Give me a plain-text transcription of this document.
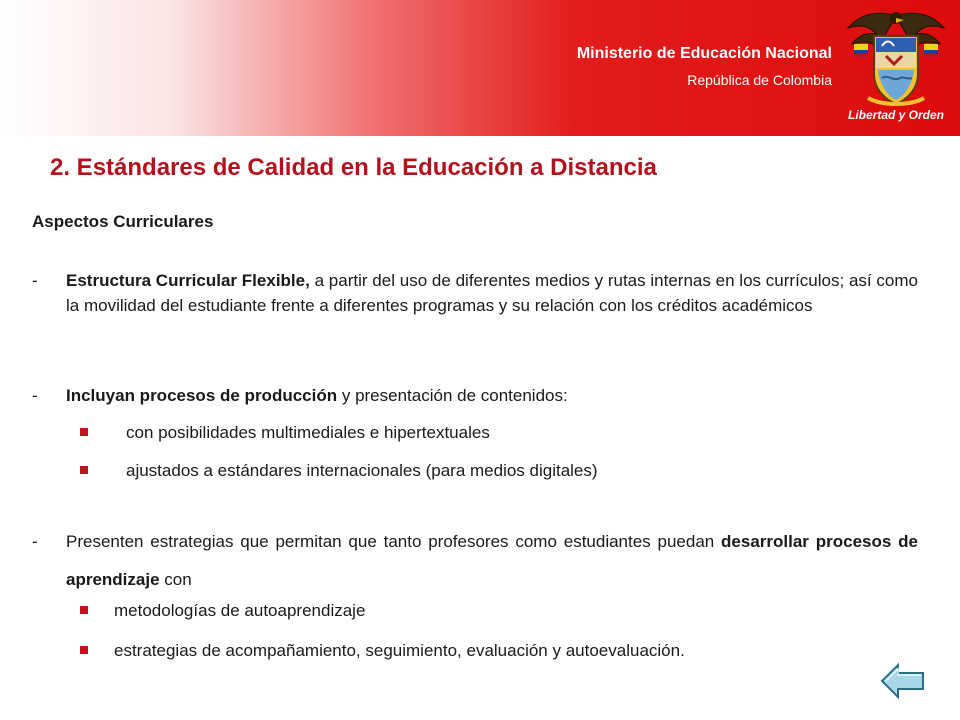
Ministerio de Educación Nacional
República de Colombia
Libertad y Orden
2. Estándares de Calidad en la Educación a Distancia
Aspectos Curriculares
- Estructura Curricular Flexible, a partir del uso de diferentes medios y rutas internas en los currículos; así como la movilidad del estudiante frente a diferentes programas y su relación con los créditos académicos
- Incluyan procesos de producción y presentación de contenidos:
con posibilidades multimediales e hipertextuales
ajustados a estándares internacionales (para medios digitales)
- Presenten estrategias que permitan que tanto profesores como estudiantes puedan desarrollar procesos de aprendizaje con
metodologías de autoaprendizaje
estrategias de acompañamiento, seguimiento, evaluación y autoevaluación.
